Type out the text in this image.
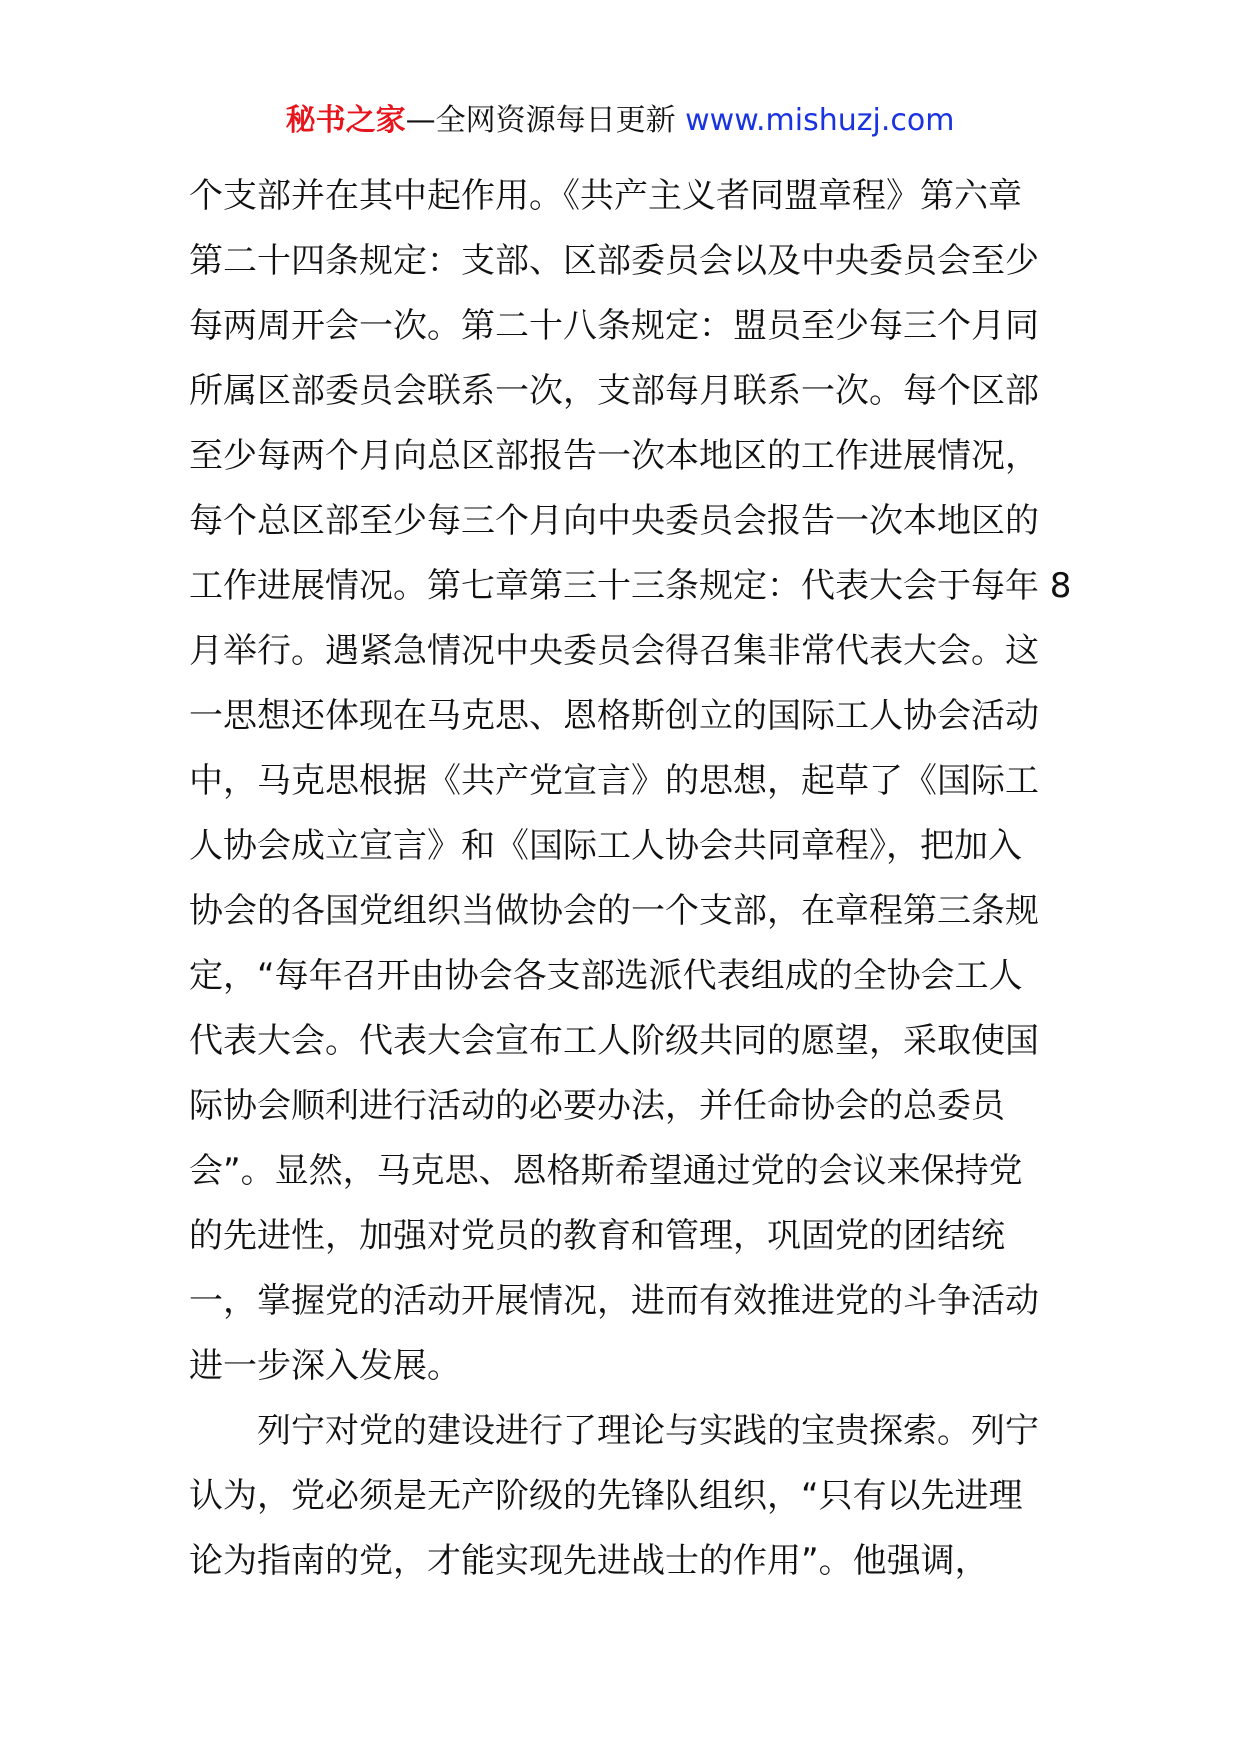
秘书之家—全网资源每日更新 www.mishuzj.com
个支部并在其中起作用。《共产主义者同盟章程》第六章
第二十四条规定：支部、区部委员会以及中央委员会至少
每两周开会一次。第二十八条规定：盟员至少每三个月同
所属区部委员会联系一次，支部每月联系一次。每个区部
至少每两个月向总区部报告一次本地区的工作进展情况，
每个总区部至少每三个月向中央委员会报告一次本地区的
工作进展情况。第七章第三十三条规定：代表大会于每年 8
月举行。遇紧急情况中央委员会得召集非常代表大会。这
一思想还体现在马克思、恩格斯创立的国际工人协会活动
中，马克思根据《共产党宣言》的思想，起草了《国际工
人协会成立宣言》和《国际工人协会共同章程》，把加入
协会的各国党组织当做协会的一个支部，在章程第三条规
定，“每年召开由协会各支部选派代表组成的全协会工人
代表大会。代表大会宣布工人阶级共同的愿望，采取使国
际协会顺利进行活动的必要办法，并任命协会的总委员
会”。显然，马克思、恩格斯希望通过党的会议来保持党
的先进性，加强对党员的教育和管理，巩固党的团结统
一，掌握党的活动开展情况，进而有效推进党的斗争活动
进一步深入发展。
列宁对党的建设进行了理论与实践的宝贵探索。列宁
认为，党必须是无产阶级的先锋队组织，“只有以先进理
论为指南的党，才能实现先进战士的作用”。他强调，
